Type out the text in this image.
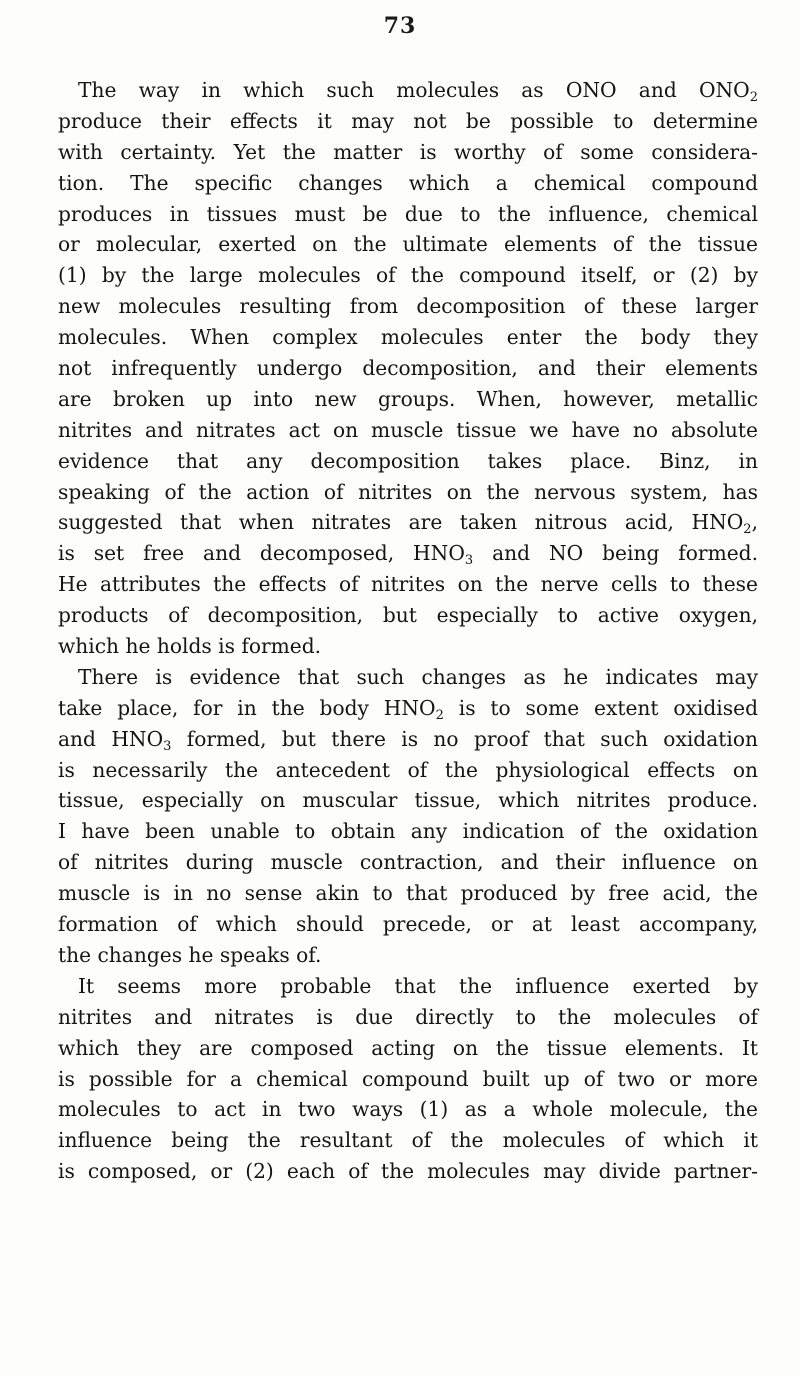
73
The way in which such molecules as ONO and $ONO_2$
produce their effects it may not be possible to determine
with certainty. Yet the matter is worthy of some considera-
tion. The specific changes which a chemical compound
produces in tissues must be due to the influence, chemical
or molecular, exerted on the ultimate elements of the tissue
(1) by the large molecules of the compound itself, or (2) by
new molecules resulting from decomposition of these larger
molecules. When complex molecules enter the body they
not infrequently undergo decomposition, and their elements
are broken up into new groups. When, however, metallic
nitrites and nitrates act on muscle tissue we have no absolute
evidence that any decomposition takes place. Binz, in
speaking of the action of nitrites on the nervous system, has
suggested that when nitrates are taken nitrous acid, $HNO_2$,
is set free and decomposed, $HNO_3$ and NO being formed.
He attributes the effects of nitrites on the nerve cells to these
products of decomposition, but especially to active oxygen,
which he holds is formed.
There is evidence that such changes as he indicates may
take place, for in the body $HNO_2$ is to some extent oxidised
and $HNO_3$ formed, but there is no proof that such oxidation
is necessarily the antecedent of the physiological effects on
tissue, especially on muscular tissue, which nitrites produce.
I have been unable to obtain any indication of the oxidation
of nitrites during muscle contraction, and their influence on
muscle is in no sense akin to that produced by free acid, the
formation of which should precede, or at least accompany,
the changes he speaks of.
It seems more probable that the influence exerted by
nitrites and nitrates is due directly to the molecules of
which they are composed acting on the tissue elements. It
is possible for a chemical compound built up of two or more
molecules to act in two ways (1) as a whole molecule, the
influence being the resultant of the molecules of which it
is composed, or (2) each of the molecules may divide partner-
